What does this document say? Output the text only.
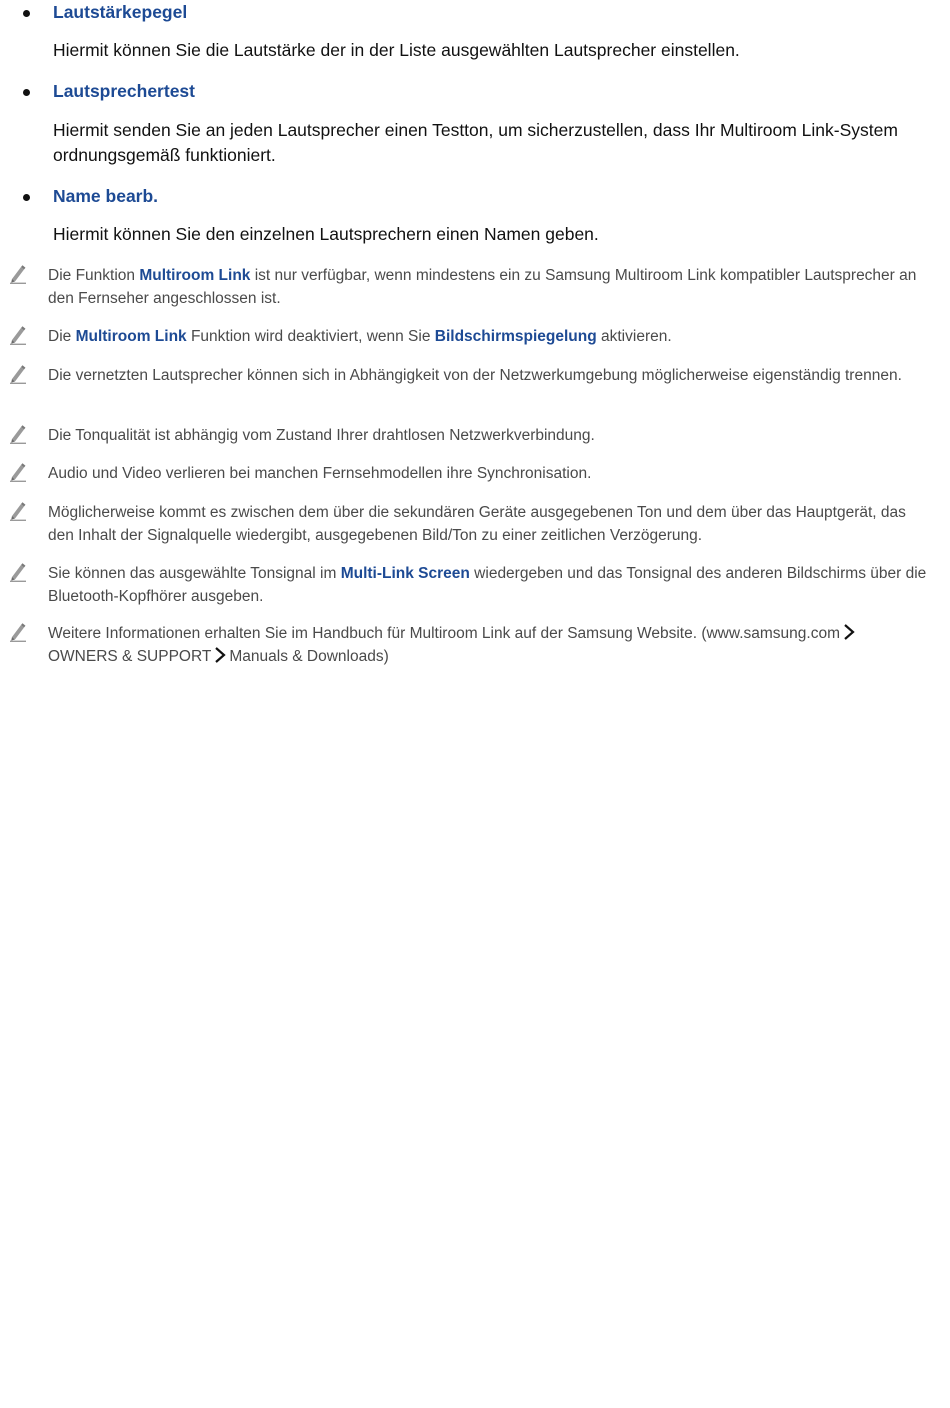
Lautstärkepegel
Hiermit können Sie die Lautstärke der in der Liste ausgewählten Lautsprecher einstellen.
Lautsprechertest
Hiermit senden Sie an jeden Lautsprecher einen Testton, um sicherzustellen, dass Ihr Multiroom Link-System ordnungsgemäß funktioniert.
Name bearb.
Hiermit können Sie den einzelnen Lautsprechern einen Namen geben.
Die Funktion Multiroom Link ist nur verfügbar, wenn mindestens ein zu Samsung Multiroom Link kompatibler Lautsprecher an den Fernseher angeschlossen ist.
Die Multiroom Link Funktion wird deaktiviert, wenn Sie Bildschirmspiegelung aktivieren.
Die vernetzten Lautsprecher können sich in Abhängigkeit von der Netzwerkumgebung möglicherweise eigenständig trennen.
Die Tonqualität ist abhängig vom Zustand Ihrer drahtlosen Netzwerkverbindung.
Audio und Video verlieren bei manchen Fernsehmodellen ihre Synchronisation.
Möglicherweise kommt es zwischen dem über die sekundären Geräte ausgegebenen Ton und dem über das Hauptgerät, das den Inhalt der Signalquelle wiedergibt, ausgegebenen Bild/Ton zu einer zeitlichen Verzögerung.
Sie können das ausgewählte Tonsignal im Multi-Link Screen wiedergeben und das Tonsignal des anderen Bildschirms über die Bluetooth-Kopfhörer ausgeben.
Weitere Informationen erhalten Sie im Handbuch für Multiroom Link auf der Samsung Website. (www.samsung.com
OWNERS & SUPPORT Manuals & Downloads)
